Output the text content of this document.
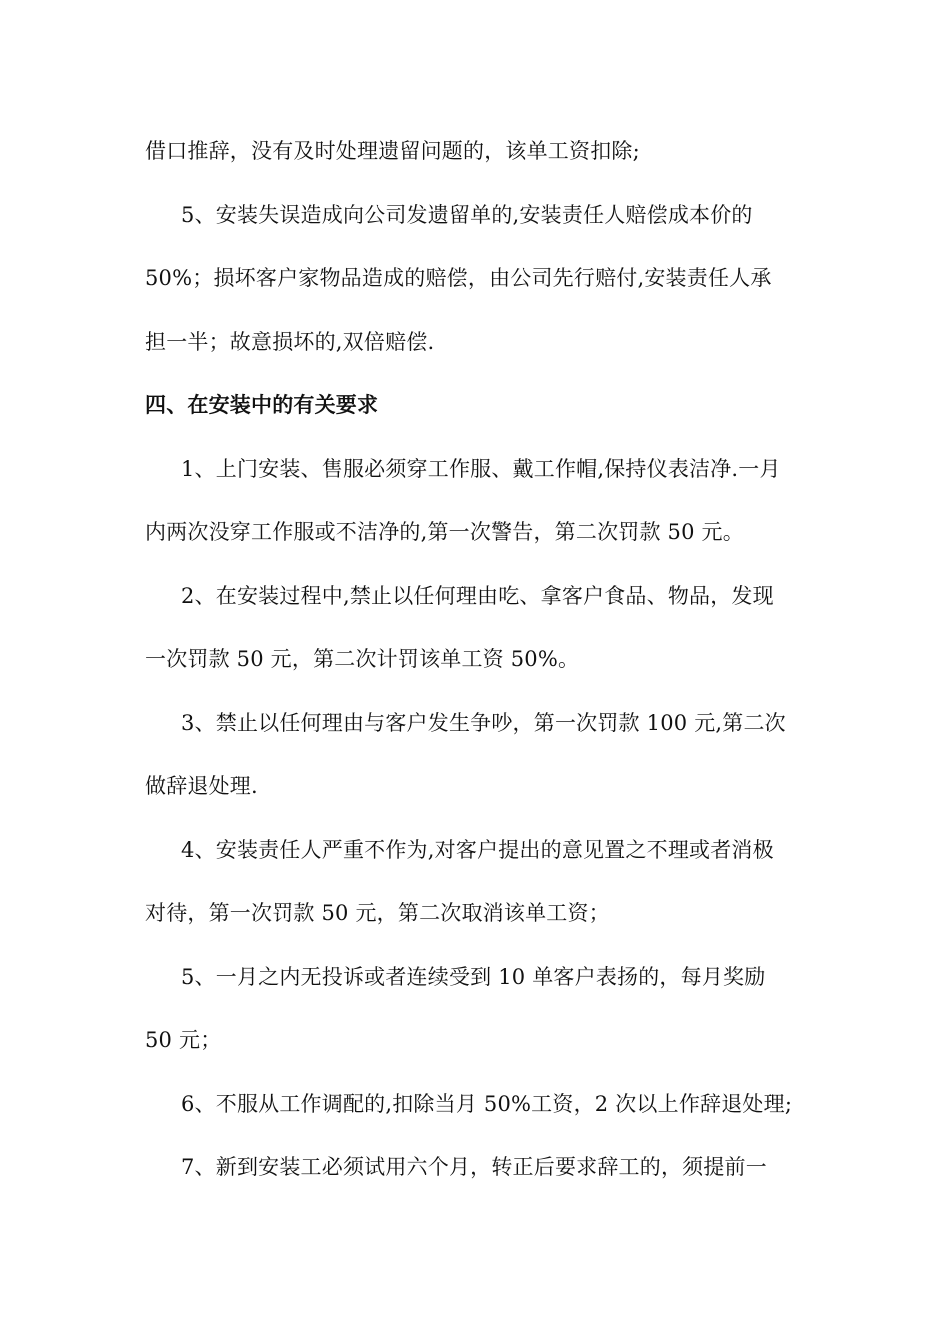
借口推辞，没有及时处理遗留问题的，该单工资扣除;
5、安装失误造成向公司发遗留单的,安装责任人赔偿成本价的
50%；损坏客户家物品造成的赔偿，由公司先行赔付,安装责任人承
担一半；故意损坏的,双倍赔偿.
四、在安装中的有关要求
1、上门安装、售服必须穿工作服、戴工作帽,保持仪表洁净.一月
内两次没穿工作服或不洁净的,第一次警告，第二次罚款 50 元。
2、在安装过程中,禁止以任何理由吃、拿客户食品、物品，发现
一次罚款 50 元，第二次计罚该单工资 50%。
3、禁止以任何理由与客户发生争吵，第一次罚款 100 元,第二次
做辞退处理.
4、安装责任人严重不作为,对客户提出的意见置之不理或者消极
对待，第一次罚款 50 元，第二次取消该单工资；
5、一月之内无投诉或者连续受到 10 单客户表扬的，每月奖励
50 元；
6、不服从工作调配的,扣除当月 50%工资，2 次以上作辞退处理;
7、新到安装工必须试用六个月，转正后要求辞工的，须提前一
